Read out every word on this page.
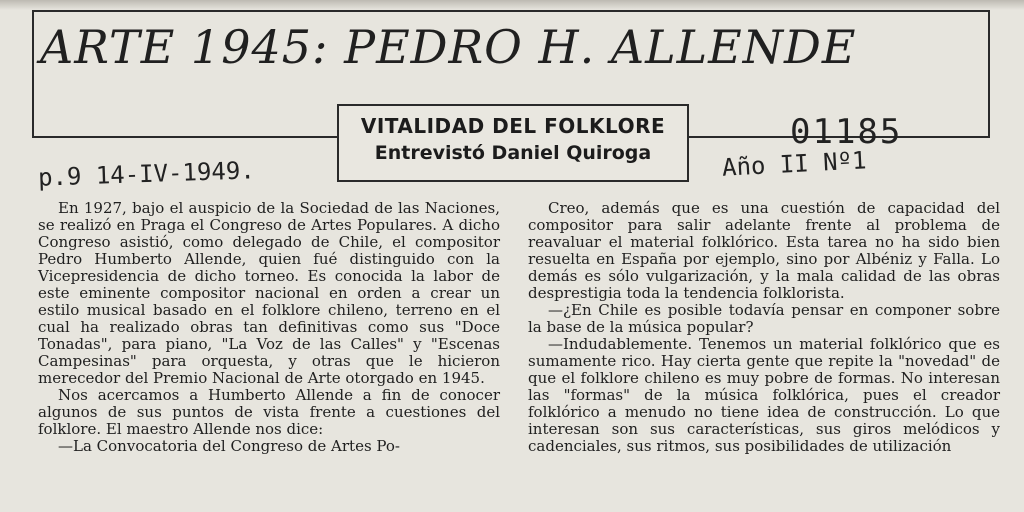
ARTE 1945: PEDRO H. ALLENDE
VITALIDAD DEL FOLKLORE
Entrevistó Daniel Quiroga
01185
Año II Nº1
p.9 14-IV-1949.

En 1927, bajo el auspicio de la Sociedad de las Naciones, se realizó en Praga el Congreso de Artes Populares. A dicho Congreso asistió, como delegado de Chile, el compositor Pedro Humberto Allende, quien fué distinguido con la Vicepresidencia de dicho torneo. Es conocida la labor de este eminente compositor nacional en orden a crear un estilo musical basado en el folklore chileno, terreno en el cual ha realizado obras tan definitivas como sus "Doce Tonadas", para piano, "La Voz de las Calles" y "Escenas Campesinas" para orquesta, y otras que le hicieron merecedor del Premio Nacional de Arte otorgado en 1945.

Nos acercamos a Humberto Allende a fin de conocer algunos de sus puntos de vista frente a cuestiones del folklore. El maestro Allende nos dice:

—La Convocatoria del Congreso de Artes Po-

Creo, además que es una cuestión de capacidad del compositor para salir adelante frente al problema de reavaluar el material folklórico. Esta tarea no ha sido bien resuelta en España por ejemplo, sino por Albéniz y Falla. Lo demás es sólo vulgarización, y la mala calidad de las obras desprestigia toda la tendencia folklorista.

—¿En Chile es posible todavía pensar en componer sobre la base de la música popular?

—Indudablemente. Tenemos un material folklórico que es sumamente rico. Hay cierta gente que repite la "novedad" de que el folklore chileno es muy pobre de formas. No interesan las "formas" de la música folklórica, pues el creador folklórico a menudo no tiene idea de construcción. Lo que interesan son sus características, sus giros melódicos y cadenciales, sus ritmos, sus posibilidades de utilización
